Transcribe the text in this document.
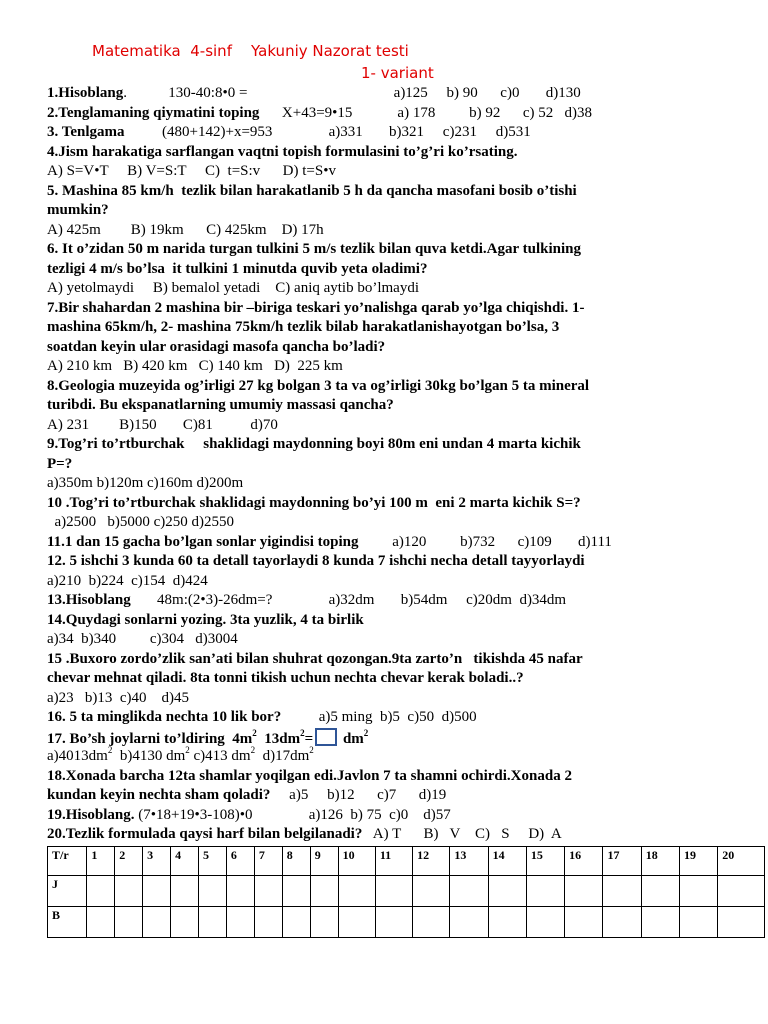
Matematika  4-sinf    Yakuniy Nazorat testi
1- variant
1.Hisoblang.           130-40:8•0 =                                       a)125     b) 90      c)0       d)130
2.Tenglamaning qiymatini toping      X+43=9•15            a) 178         b) 92      c) 52   d)38
3. Tenlgama          (480+142)+x=953               a)331       b)321     c)231     d)531
4.Jism harakatiga sarflangan vaqtni topish formulasini to’g’ri ko’rsating.
A) S=V•T     B) V=S:T     C)  t=S:v      D) t=S•v
5. Mashina 85 km/h  tezlik bilan harakatlanib 5 h da qancha masofani bosib o’tishi
mumkin?
A) 425m        B) 19km      C) 425km    D) 17h
6. It o’zidan 50 m narida turgan tulkini 5 m/s tezlik bilan quva ketdi.Agar tulkining
tezligi 4 m/s bo’lsa  it tulkini 1 minutda quvib yeta oladimi?
A) yetolmaydi     B) bemalol yetadi    C) aniq aytib bo’lmaydi
7.Bir shahardan 2 mashina bir –biriga teskari yo’nalishga qarab yo’lga chiqishdi. 1-
mashina 65km/h, 2- mashina 75km/h tezlik bilab harakatlanishayotgan bo’lsa, 3
soatdan keyin ular orasidagi masofa qancha bo’ladi?
A) 210 km   B) 420 km   C) 140 km   D)  225 km
8.Geologia muzeyida og’irligi 27 kg bolgan 3 ta va og’irligi 30kg bo’lgan 5 ta mineral
turibdi. Bu ekspanatlarning umumiy massasi qancha?
A) 231        B)150       C)81          d)70
9.Tog’ri to’rtburchak     shaklidagi maydonning boyi 80m eni undan 4 marta kichik
P=?
a)350m b)120m c)160m d)200m
10 .Tog’ri to’rtburchak shaklidagi maydonning bo’yi 100 m  eni 2 marta kichik S=?
a)2500   b)5000 c)250 d)2550
11.1 dan 15 gacha bo’lgan sonlar yigindisi toping         a)120         b)732      c)109       d)111
12. 5 ishchi 3 kunda 60 ta detall tayorlaydi 8 kunda 7 ishchi necha detall tayyorlaydi
a)210  b)224  c)154  d)424
13.Hisoblang       48m:(2•3)-26dm=?               a)32dm       b)54dm     c)20dm  d)34dm
14.Quydagi sonlarni yozing. 3ta yuzlik, 4 ta birlik
a)34  b)340         c)304   d)3004
15 .Buxoro zordo’zlik san’ati bilan shuhrat qozongan.9ta zarto’n   tikishda 45 nafar
chevar mehnat qiladi. 8ta tonni tikish uchun nechta chevar kerak boladi..?
a)23   b)13  c)40    d)45
16. 5 ta minglikda nechta 10 lik bor?          a)5 ming  b)5  c)50  d)500
17. Bo’sh joylarni to’ldiring  $4m^2$  $13dm^2= dm^2$
$a)4013dm^2$  b)4130 $dm^2$ c)413 $dm^2$  $d)17dm^2$
18.Xonada barcha 12ta shamlar yoqilgan edi.Javlon 7 ta shamni ochirdi.Xonada 2
kundan keyin nechta sham qoladi?     a)5     b)12      c)7      d)19
19.Hisoblang. (7•18+19•3-108)•0               a)126  b) 75  c)0    d)57
20.Tezlik formulada qaysi harf bilan belgilanadi?   A) T      B)   V    C)   S     D)  A
T/r	1	2	3	4	5	6	7	8	9	10	11	12	13	14	15	16	17	18	19	20
J																				
B																				
